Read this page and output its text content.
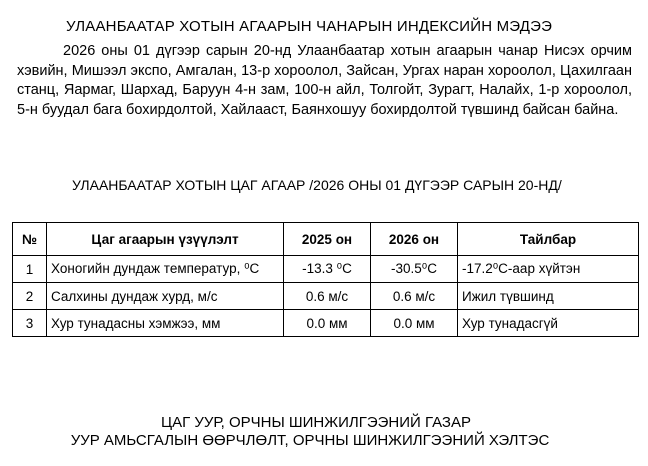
УЛААНБААТАР ХОТЫН АГААРЫН ЧАНАРЫН ИНДЕКСИЙН МЭДЭЭ
2026 оны 01 дүгээр сарын 20-нд Улаанбаатар хотын агаарын чанар Нисэх орчим хэвийн, Мишээл экспо, Амгалан, 13-р хороолол, Зайсан, Ургах наран хороолол, Цахилгаан станц, Яармаг, Шархад, Баруун 4-н зам, 100-н айл, Толгойт, Зурагт, Налайх, 1-р хороолол, 5-н буудал бага бохирдолтой, Хайлааст, Баянхошуу бохирдолтой түвшинд байсан байна.
УЛААНБААТАР ХОТЫН ЦАГ АГААР /2026 ОНЫ 01 ДҮГЭЭР САРЫН 20-НД/
№	Цаг агаарын үзүүлэлт	2025 он	2026 он	Тайлбар
1	Хоногийн дундаж температур, ⁰С	-13.3 ⁰С	-30.5⁰С	-17.2⁰С-аар хүйтэн
2	Салхины дундаж хурд, м/с	0.6 м/с	0.6 м/с	Ижил түвшинд
3	Хур тунадасны хэмжээ, мм	0.0 мм	0.0 мм	Хур тунадасгүй
ЦАГ УУР, ОРЧНЫ ШИНЖИЛГЭЭНИЙ ГАЗАР
УУР АМЬСГАЛЫН ӨӨРЧЛӨЛТ, ОРЧНЫ ШИНЖИЛГЭЭНИЙ ХЭЛТЭС
